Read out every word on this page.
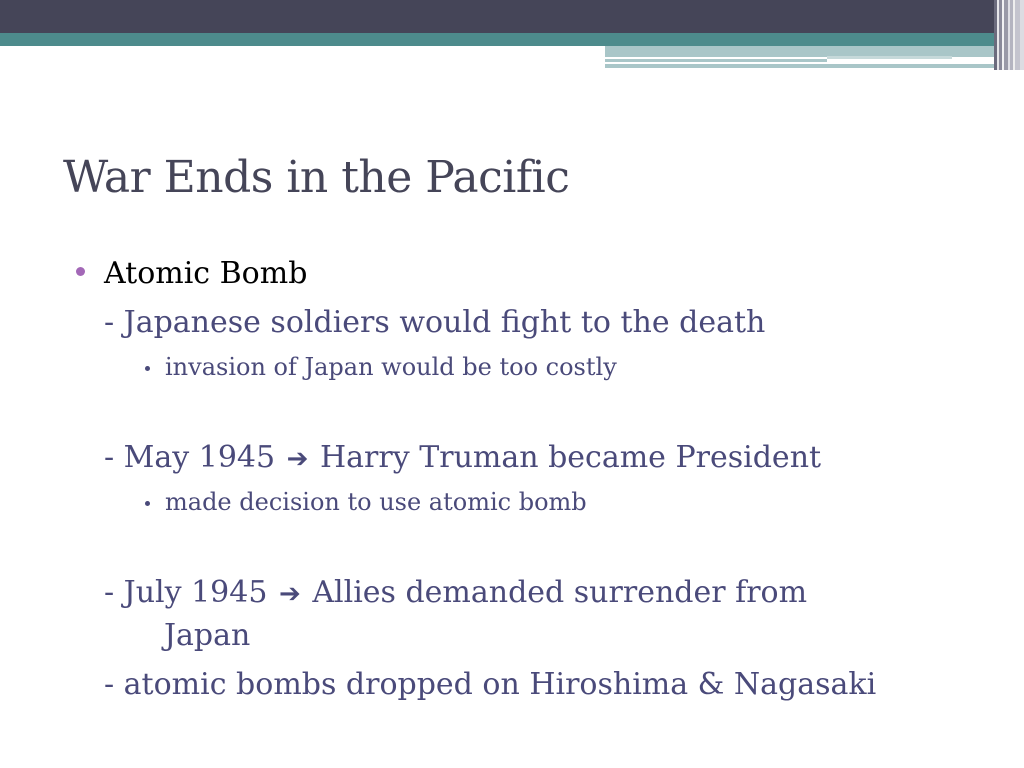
War Ends in the Pacific
Atomic Bomb
- Japanese soldiers would fight to the death
invasion of Japan would be too costly
- May 1945 ➔ Harry Truman became President
made decision to use atomic bomb
- July 1945 ➔ Allies demanded surrender from
Japan
- atomic bombs dropped on Hiroshima & Nagasaki
